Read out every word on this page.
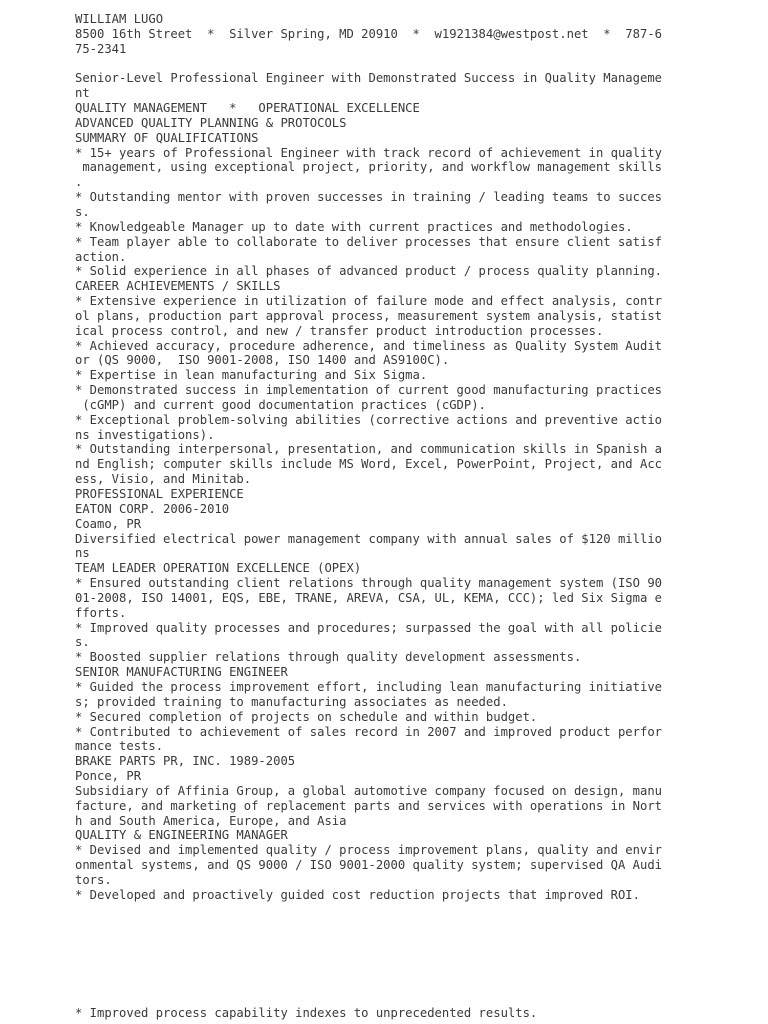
WILLIAM LUGO
8500 16th Street  *  Silver Spring, MD 20910  *  w1921384@westpost.net  *  787-6
75-2341
Senior-Level Professional Engineer with Demonstrated Success in Quality Manageme
nt
QUALITY MANAGEMENT   *   OPERATIONAL EXCELLENCE
ADVANCED QUALITY PLANNING & PROTOCOLS
SUMMARY OF QUALIFICATIONS
* 15+ years of Professional Engineer with track record of achievement in quality
management, using exceptional project, priority, and workflow management skills
.
* Outstanding mentor with proven successes in training / leading teams to succes
s.
* Knowledgeable Manager up to date with current practices and methodologies.
* Team player able to collaborate to deliver processes that ensure client satisf
action.
* Solid experience in all phases of advanced product / process quality planning.
CAREER ACHIEVEMENTS / SKILLS
* Extensive experience in utilization of failure mode and effect analysis, contr
ol plans, production part approval process, measurement system analysis, statist
ical process control, and new / transfer product introduction processes.
* Achieved accuracy, procedure adherence, and timeliness as Quality System Audit
or (QS 9000,  ISO 9001-2008, ISO 1400 and AS9100C).
* Expertise in lean manufacturing and Six Sigma.
* Demonstrated success in implementation of current good manufacturing practices
(cGMP) and current good documentation practices (cGDP).
* Exceptional problem-solving abilities (corrective actions and preventive actio
ns investigations).
* Outstanding interpersonal, presentation, and communication skills in Spanish a
nd English; computer skills include MS Word, Excel, PowerPoint, Project, and Acc
ess, Visio, and Minitab.
PROFESSIONAL EXPERIENCE
EATON CORP. 2006-2010
Coamo, PR
Diversified electrical power management company with annual sales of $120 millio
ns
TEAM LEADER OPERATION EXCELLENCE (OPEX)
* Ensured outstanding client relations through quality management system (ISO 90
01-2008, ISO 14001, EQS, EBE, TRANE, AREVA, CSA, UL, KEMA, CCC); led Six Sigma e
fforts.
* Improved quality processes and procedures; surpassed the goal with all policie
s.
* Boosted supplier relations through quality development assessments.
SENIOR MANUFACTURING ENGINEER
* Guided the process improvement effort, including lean manufacturing initiative
s; provided training to manufacturing associates as needed.
* Secured completion of projects on schedule and within budget.
* Contributed to achievement of sales record in 2007 and improved product perfor
mance tests.
BRAKE PARTS PR, INC. 1989-2005
Ponce, PR
Subsidiary of Affinia Group, a global automotive company focused on design, manu
facture, and marketing of replacement parts and services with operations in Nort
h and South America, Europe, and Asia
QUALITY & ENGINEERING MANAGER
* Devised and implemented quality / process improvement plans, quality and envir
onmental systems, and QS 9000 / ISO 9001-2000 quality system; supervised QA Audi
tors.
* Developed and proactively guided cost reduction projects that improved ROI.
* Improved process capability indexes to unprecedented results.
